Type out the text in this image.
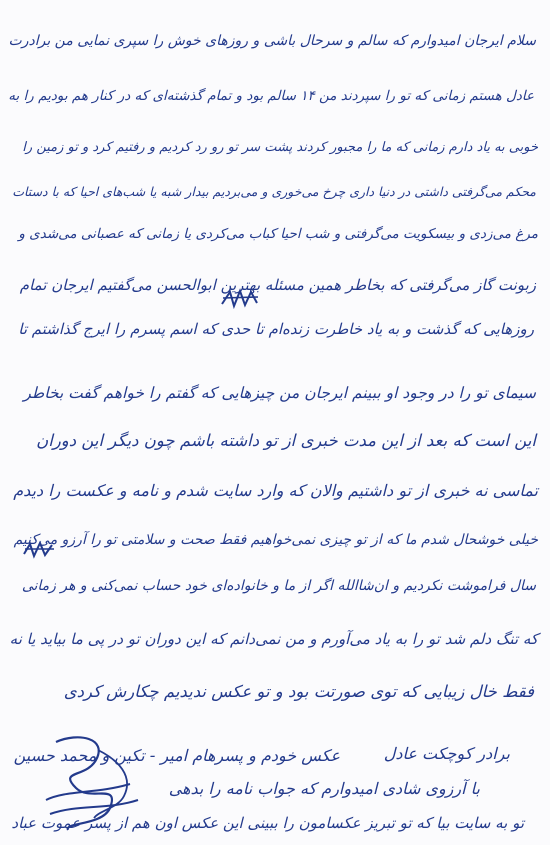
سلام ایرجان امیدوارم که سالم و سرحال باشی و روزهای خوش را سپری نمایی من برادرت
عادل هستم زمانی که تو را سپردند من ۱۴ سالم بود و تمام گذشته‌ای که در کنار هم بودیم را به
خوبی به یاد دارم زمانی که ما را مجبور کردند پشت سر تو رو رد کردیم و رفتیم کرد و تو زمین را
محکم می‌گرفتی داشتی در دنیا داری چرخ می‌خوری و می‌بردیم بیدار شبه یا شب‌های احیا که با دستات
مرغ می‌زدی و بیسکویت می‌گرفتی و شب احیا کباب می‌کردی یا زمانی که عصبانی می‌شدی و
زبونت گاز می‌گرفتی که بخاطر همین مسئله بهترین ابوالحسن می‌گفتیم ایرجان تمام
روزهایی که گذشت و به یاد خاطرت زنده‌ام تا حدی که اسم پسرم را ایرج گذاشتم تا
سیمای تو را در وجود او ببینم ایرجان من چیزهایی که گفتم را خواهم گفت بخاطر
این است که بعد از این مدت خبری از تو داشته باشم چون دیگر این دوران
تماسی نه خبری از تو داشتیم والان که وارد سایت شدم و نامه و عکست را دیدم
خیلی خوشحال شدم ما که از تو چیزی نمی‌خواهیم فقط صحت و سلامتی تو را آرزو می‌کنیم
سال فراموشت نکردیم و ان‌شاالله اگر از ما و خانواده‌ای خود حساب نمی‌کنی و هر زمانی
که تنگ دلم شد تو را به یاد می‌آورم و من نمی‌دانم که این دوران تو در پی ما بیاید یا نه
فقط خال زیبایی که توی صورتت بود و تو عکس ندیدیم چکارش کردی
برادر کوچکت عادل
عکس خودم و پسرهام امیر - تکین و محمد حسین
با آرزوی شادی امیدوارم که جواب نامه را بدهی
تو به سایت بیا که تو تبریز عکسامون را ببینی این عکس اون هم از پسر عموت عباد
